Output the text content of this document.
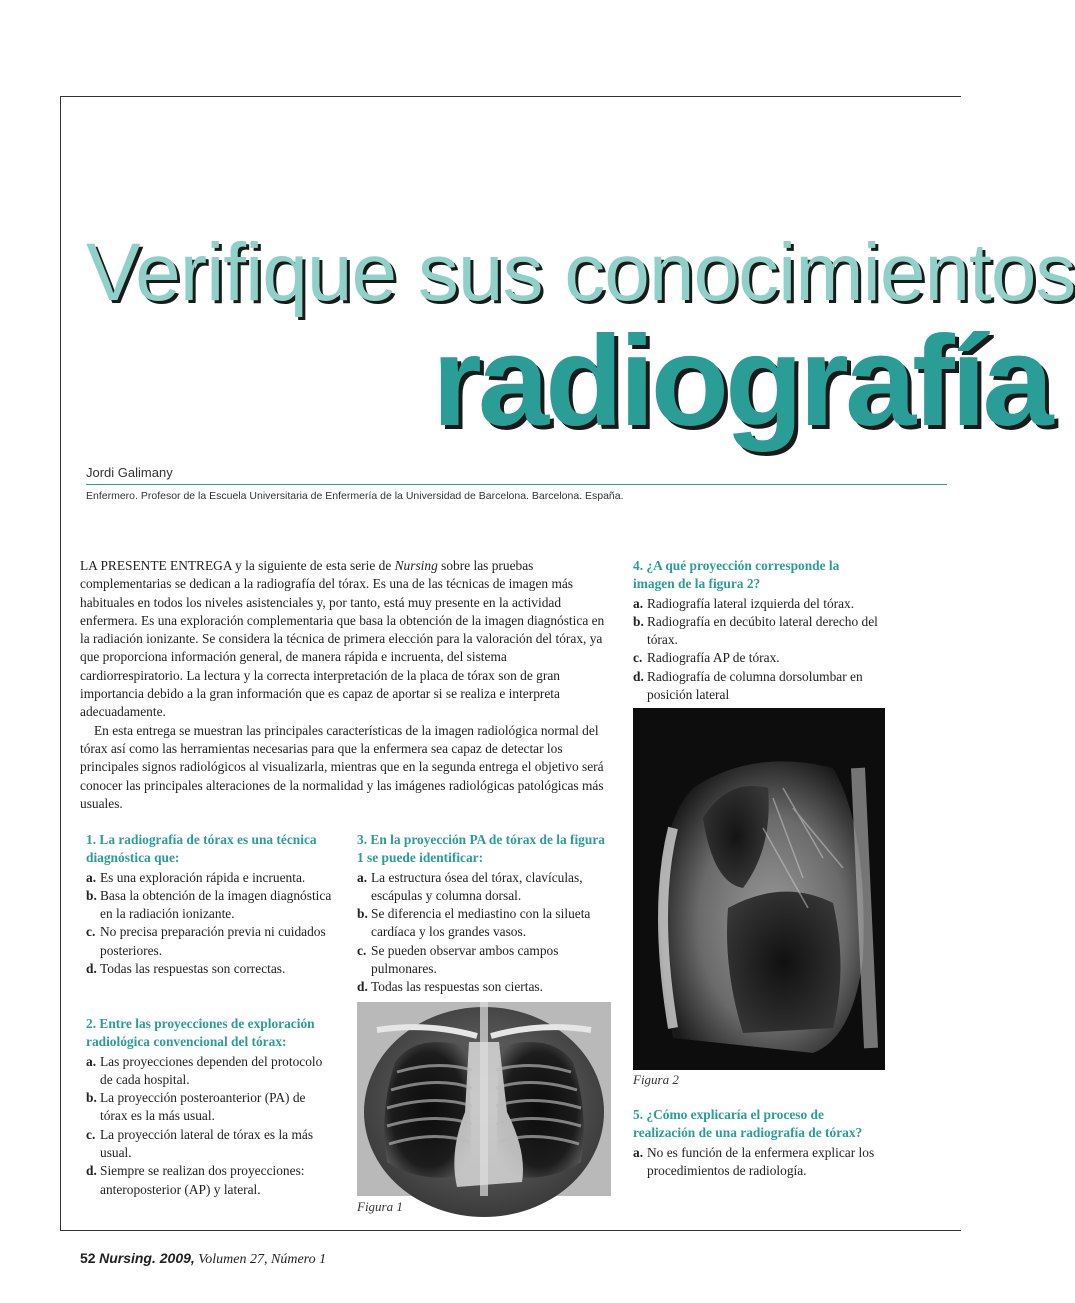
Verifique sus conocimientos
radiografía
Jordi Galimany
Enfermero. Profesor de la Escuela Universitaria de Enfermería de la Universidad de Barcelona. Barcelona. España.

LA PRESENTE ENTREGA y la siguiente de esta serie de Nursing sobre las pruebas complementarias se dedican a la radiografía del tórax. Es una de las técnicas de imagen más habituales en todos los niveles asistenciales y, por tanto, está muy presente en la actividad enfermera. Es una exploración complementaria que basa la obtención de la imagen diagnóstica en la radiación ionizante. Se considera la técnica de primera elección para la valoración del tórax, ya que proporciona información general, de manera rápida e incruenta, del sistema cardiorrespiratorio. La lectura y la correcta interpretación de la placa de tórax son de gran importancia debido a la gran información que es capaz de aportar si se realiza e interpreta adecuadamente.

En esta entrega se muestran las principales características de la imagen radiológica normal del tórax así como las herramientas necesarias para que la enfermera sea capaz de detectar los principales signos radiológicos al visualizarla, mientras que en la segunda entrega el objetivo será conocer las principales alteraciones de la normalidad y las imágenes radiológicas patológicas más usuales.

1. La radiografía de tórax es una técnica diagnóstica que:
a. Es una exploración rápida e incruenta.
b. Basa la obtención de la imagen diagnóstica en la radiación ionizante.
c. No precisa preparación previa ni cuidados posteriores.
d. Todas las respuestas son correctas.
2. Entre las proyecciones de exploración radiológica convencional del tórax:
a. Las proyecciones dependen del protocolo de cada hospital.
b. La proyección posteroanterior (PA) de tórax es la más usual.
c. La proyección lateral de tórax es la más usual.
d. Siempre se realizan dos proyecciones: anteroposterior (AP) y lateral.
3. En la proyección PA de tórax de la figura 1 se puede identificar:
a. La estructura ósea del tórax, clavículas, escápulas y columna dorsal.
b. Se diferencia el mediastino con la silueta cardíaca y los grandes vasos.
c. Se pueden observar ambos campos pulmonares.
d. Todas las respuestas son ciertas.
Figura 1
4. ¿A qué proyección corresponde la imagen de la figura 2?
a. Radiografía lateral izquierda del tórax.
b. Radiografía en decúbito lateral derecho del tórax.
c. Radiografía AP de tórax.
d. Radiografía de columna dorsolumbar en posición lateral
Figura 2
5. ¿Cómo explicaría el proceso de realización de una radiografía de tórax?
a. No es función de la enfermera explicar los procedimientos de radiología.
52 Nursing. 2009, Volumen 27, Número 1
